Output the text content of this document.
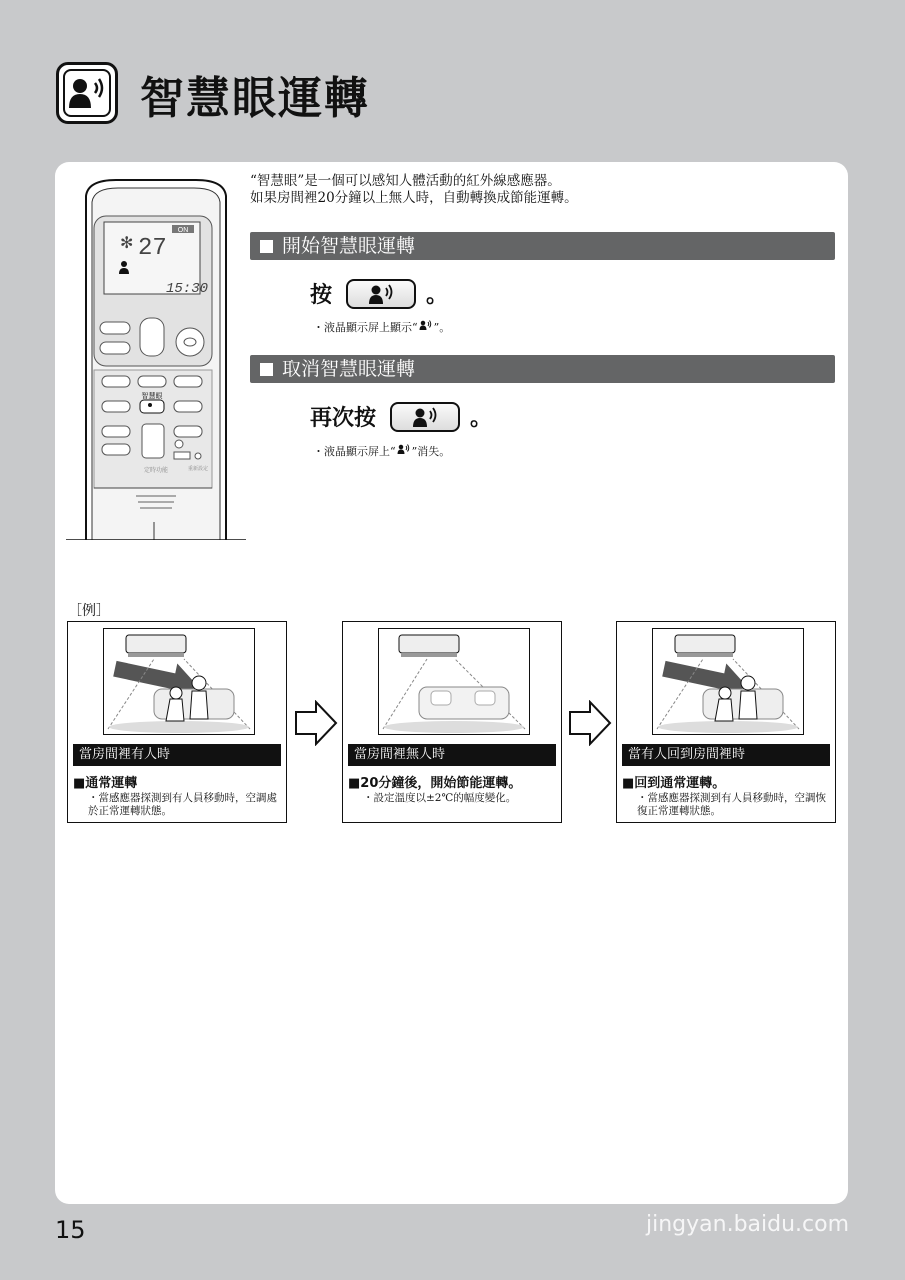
智慧眼運轉
ON
✻ 27
15:30
智慧眼
定時功能	重新設定
“智慧眼”是一個可以感知人體活動的紅外線感應器。
如果房間裡20分鐘以上無人時，自動轉換成節能運轉。
開始智慧眼運轉
按	。
・液晶顯示屏上顯示“ ”。
取消智慧眼運轉
再次按	。
・液晶顯示屏上“ ”消失。
［例］
當房間裡有人時
■通常運轉
・當感應器探測到有人員移動時，空調處於正常運轉狀態。
當房間裡無人時
■20分鐘後，開始節能運轉。
・設定溫度以±2℃的幅度變化。
當有人回到房間裡時
■回到通常運轉。
・當感應器探測到有人員移動時，空調恢復正常運轉狀態。
15
Baidu经验
jingyan.baidu.com
